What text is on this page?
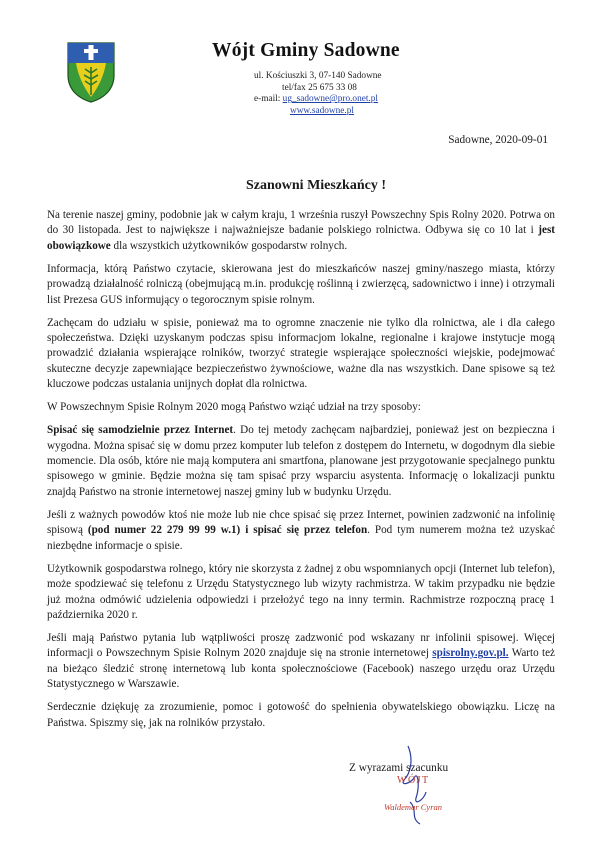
Wójt Gminy Sadowne
ul. Kościuszki 3, 07-140 Sadowne
tel/fax 25 675 33 08
e-mail: ug_sadowne@pro.onet.pl
www.sadowne.pl
Sadowne, 2020-09-01
Szanowni Mieszkańcy !

Na terenie naszej gminy, podobnie jak w całym kraju, 1 września ruszył Powszechny Spis Rolny 2020. Potrwa on do 30 listopada. Jest to największe i najważniejsze badanie polskiego rolnictwa. Odbywa się co 10 lat i jest obowiązkowe dla wszystkich użytkowników gospodarstw rolnych.

Informacja, którą Państwo czytacie, skierowana jest do mieszkańców naszej gminy/naszego miasta, którzy prowadzą działalność rolniczą (obejmującą m.in. produkcję roślinną i zwierzęcą, sadownictwo i inne) i otrzymali list Prezesa GUS informujący o tegorocznym spisie rolnym.

Zachęcam do udziału w spisie, ponieważ ma to ogromne znaczenie nie tylko dla rolnictwa, ale i dla całego społeczeństwa. Dzięki uzyskanym podczas spisu informacjom lokalne, regionalne i krajowe instytucje mogą prowadzić działania wspierające rolników, tworzyć strategie wspierające społeczności wiejskie, podejmować skuteczne decyzje zapewniające bezpieczeństwo żywnościowe, ważne dla nas wszystkich. Dane spisowe są też kluczowe podczas ustalania unijnych dopłat dla rolnictwa.

W Powszechnym Spisie Rolnym 2020 mogą Państwo wziąć udział na trzy sposoby:

Spisać się samodzielnie przez Internet. Do tej metody zachęcam najbardziej, ponieważ jest on bezpieczna i wygodna. Można spisać się w domu przez komputer lub telefon z dostępem do Internetu, w dogodnym dla siebie momencie. Dla osób, które nie mają komputera ani smartfona, planowane jest przygotowanie specjalnego punktu spisowego w gminie. Będzie można się tam spisać przy wsparciu asystenta. Informację o lokalizacji punktu znajdą Państwo na stronie internetowej naszej gminy lub w budynku Urzędu.

Jeśli z ważnych powodów ktoś nie może lub nie chce spisać się przez Internet, powinien zadzwonić na infolinię spisową (pod numer 22 279 99 99 w.1) i spisać się przez telefon. Pod tym numerem można też uzyskać niezbędne informacje o spisie.

Użytkownik gospodarstwa rolnego, który nie skorzysta z żadnej z obu wspomnianych opcji (Internet lub telefon), może spodziewać się telefonu z Urzędu Statystycznego lub wizyty rachmistrza. W takim przypadku nie będzie już można odmówić udzielenia odpowiedzi i przełożyć tego na inny termin. Rachmistrze rozpoczną pracę 1 października 2020 r.

Jeśli mają Państwo pytania lub wątpliwości proszę zadzwonić pod wskazany nr infolinii spisowej. Więcej informacji o Powszechnym Spisie Rolnym 2020 znajduje się na stronie internetowej spisrolny.gov.pl. Warto też na bieżąco śledzić stronę internetową lub konta społecznościowe (Facebook) naszego urzędu oraz Urzędu Statystycznego w Warszawie.

Serdecznie dziękuję za zrozumienie, pomoc i gotowość do spełnienia obywatelskiego obowiązku. Liczę na Państwa. Spiszmy się, jak na rolników przystało.

Z wyrazami szacunku
WÓJT
Waldemar Cyran
